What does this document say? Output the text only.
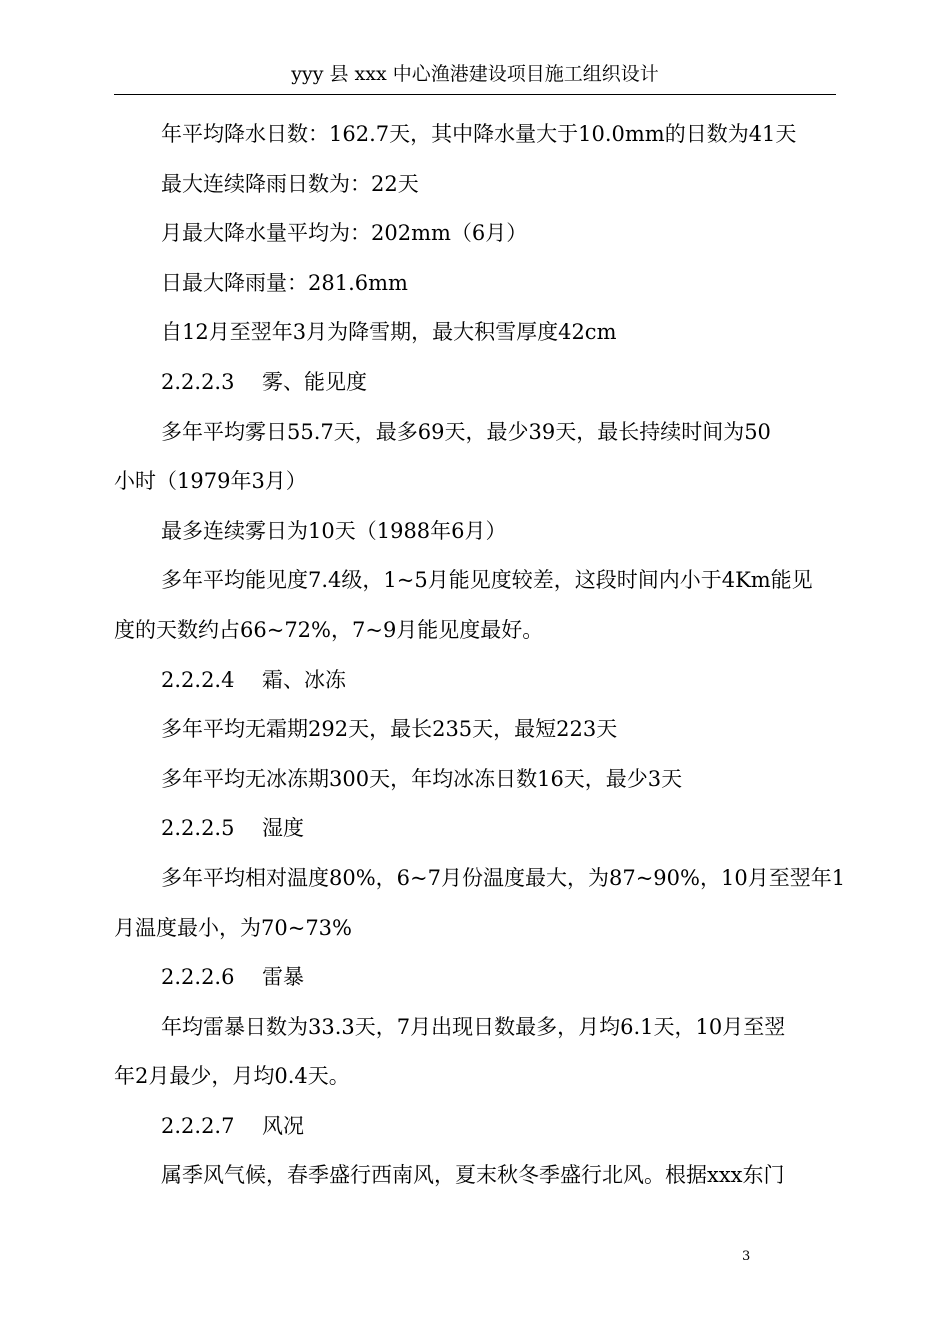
yyy 县 xxx 中心渔港建设项目施工组织设计

年平均降水日数：162.7天，其中降水量大于10.0mm的日数为41天

最大连续降雨日数为：22天

月最大降水量平均为：202mm（6月）

日最大降雨量：281.6mm

自12月至翌年3月为降雪期，最大积雪厚度42cm

2.2.2.3 雾、能见度

多年平均雾日55.7天，最多69天，最少39天，最长持续时间为50

小时（1979年3月）

最多连续雾日为10天（1988年6月）

多年平均能见度7.4级，1~5月能见度较差，这段时间内小于4Km能见

度的天数约占66~72%，7~9月能见度最好。

2.2.2.4 霜、冰冻

多年平均无霜期292天，最长235天，最短223天

多年平均无冰冻期300天，年均冰冻日数16天，最少3天

2.2.2.5 湿度

多年平均相对温度80%，6~7月份温度最大，为87~90%，10月至翌年1

月温度最小，为70~73%

2.2.2.6 雷暴

年均雷暴日数为33.3天，7月出现日数最多，月均6.1天，10月至翌

年2月最少，月均0.4天。

2.2.2.7 风况

属季风气候，春季盛行西南风，夏末秋冬季盛行北风。根据xxx东门

3
